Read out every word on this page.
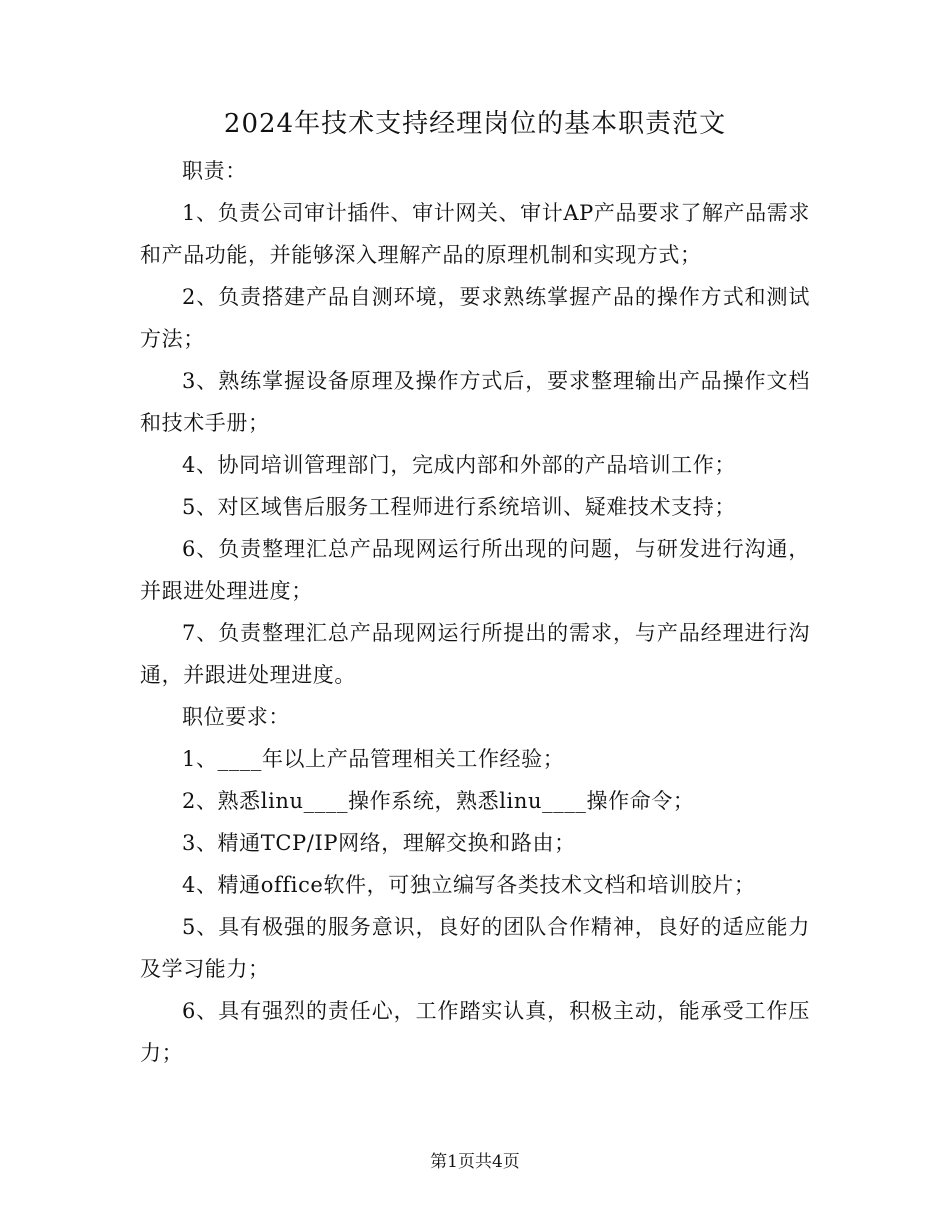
2024年技术支持经理岗位的基本职责范文

职责：

1、负责公司审计插件、审计网关、审计AP产品要求了解产品需求和产品功能，并能够深入理解产品的原理机制和实现方式；

2、负责搭建产品自测环境，要求熟练掌握产品的操作方式和测试方法；

3、熟练掌握设备原理及操作方式后，要求整理输出产品操作文档和技术手册；

4、协同培训管理部门，完成内部和外部的产品培训工作；

5、对区域售后服务工程师进行系统培训、疑难技术支持；

6、负责整理汇总产品现网运行所出现的问题，与研发进行沟通，并跟进处理进度；

7、负责整理汇总产品现网运行所提出的需求，与产品经理进行沟通，并跟进处理进度。

职位要求：

1、____年以上产品管理相关工作经验；

2、熟悉linu____操作系统，熟悉linu____操作命令；

3、精通TCP/IP网络，理解交换和路由；

4、精通office软件，可独立编写各类技术文档和培训胶片；

5、具有极强的服务意识，良好的团队合作精神，良好的适应能力及学习能力；

6、具有强烈的责任心，工作踏实认真，积极主动，能承受工作压力；

第1页共4页
